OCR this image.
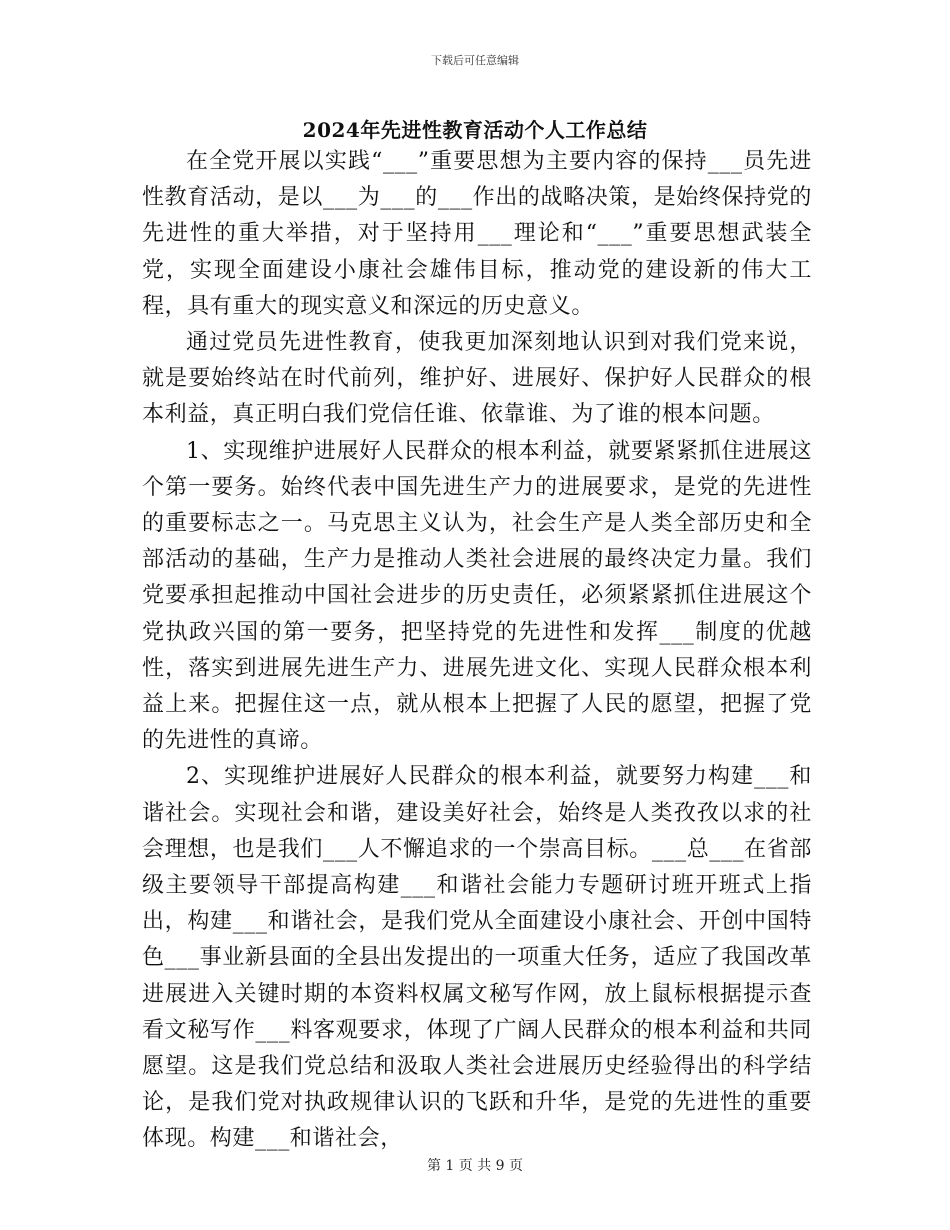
下载后可任意编辑
2024年先进性教育活动个人工作总结

在全党开展以实践“___”重要思想为主要内容的保持___员先进性教育活动，是以___为___的___作出的战略决策，是始终保持党的先进性的重大举措，对于坚持用___理论和“___”重要思想武装全党，实现全面建设小康社会雄伟目标，推动党的建设新的伟大工程，具有重大的现实意义和深远的历史意义。

通过党员先进性教育，使我更加深刻地认识到对我们党来说，就是要始终站在时代前列，维护好、进展好、保护好人民群众的根本利益，真正明白我们党信任谁、依靠谁、为了谁的根本问题。

1、实现维护进展好人民群众的根本利益，就要紧紧抓住进展这个第一要务。始终代表中国先进生产力的进展要求，是党的先进性的重要标志之一。马克思主义认为，社会生产是人类全部历史和全部活动的基础，生产力是推动人类社会进展的最终决定力量。我们党要承担起推动中国社会进步的历史责任，必须紧紧抓住进展这个党执政兴国的第一要务，把坚持党的先进性和发挥___制度的优越性，落实到进展先进生产力、进展先进文化、实现人民群众根本利益上来。把握住这一点，就从根本上把握了人民的愿望，把握了党的先进性的真谛。

2、实现维护进展好人民群众的根本利益，就要努力构建___和谐社会。实现社会和谐，建设美好社会，始终是人类孜孜以求的社会理想，也是我们___人不懈追求的一个崇高目标。___总___在省部级主要领导干部提高构建___和谐社会能力专题研讨班开班式上指出，构建___和谐社会，是我们党从全面建设小康社会、开创中国特色___事业新县面的全县出发提出的一项重大任务，适应了我国改革进展进入关键时期的本资料权属文秘写作网，放上鼠标根据提示查看文秘写作___料客观要求，体现了广阔人民群众的根本利益和共同愿望。这是我们党总结和汲取人类社会进展历史经验得出的科学结论，是我们党对执政规律认识的飞跃和升华，是党的先进性的重要体现。构建___和谐社会，

第 1 页 共 9 页
